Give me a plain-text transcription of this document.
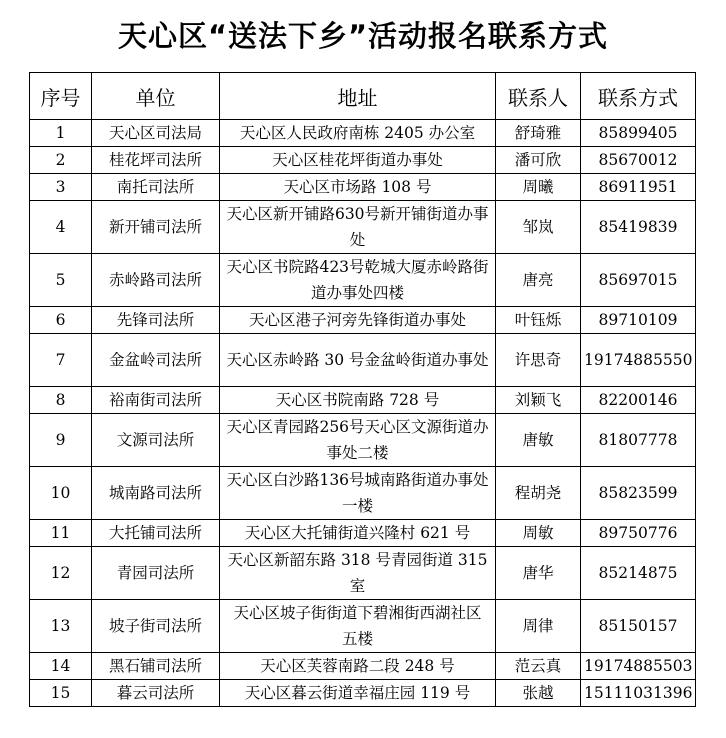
天心区“送法下乡”活动报名联系方式
序号	单位	地址	联系人	联系方式
1	天心区司法局	天心区人民政府南栋 2405 办公室	舒琦雅	85899405
2	桂花坪司法所	天心区桂花坪街道办事处	潘可欣	85670012
3	南托司法所	天心区市场路 108 号	周曦	86911951
4	新开铺司法所	天心区新开铺路630号新开铺街道办事处	邹岚	85419839
5	赤岭路司法所	天心区书院路423号乾城大厦赤岭路街道办事处四楼	唐亮	85697015
6	先锋司法所	天心区港子河旁先锋街道办事处	叶钰烁	89710109
7	金盆岭司法所	天心区赤岭路 30 号金盆岭街道办事处	许思奇	19174885550
8	裕南街司法所	天心区书院南路 728 号	刘颖飞	82200146
9	文源司法所	天心区青园路256号天心区文源街道办事处二楼	唐敏	81807778
10	城南路司法所	天心区白沙路136号城南路街道办事处一楼	程胡尧	85823599
11	大托铺司法所	天心区大托铺街道兴隆村 621 号	周敏	89750776
12	青园司法所	天心区新韶东路 318 号青园街道 315 室	唐华	85214875
13	坡子街司法所	天心区坡子街街道下碧湘街西湖社区五楼	周律	85150157
14	黑石铺司法所	天心区芙蓉南路二段 248 号	范云真	19174885503
15	暮云司法所	天心区暮云街道幸福庄园 119 号	张越	15111031396
